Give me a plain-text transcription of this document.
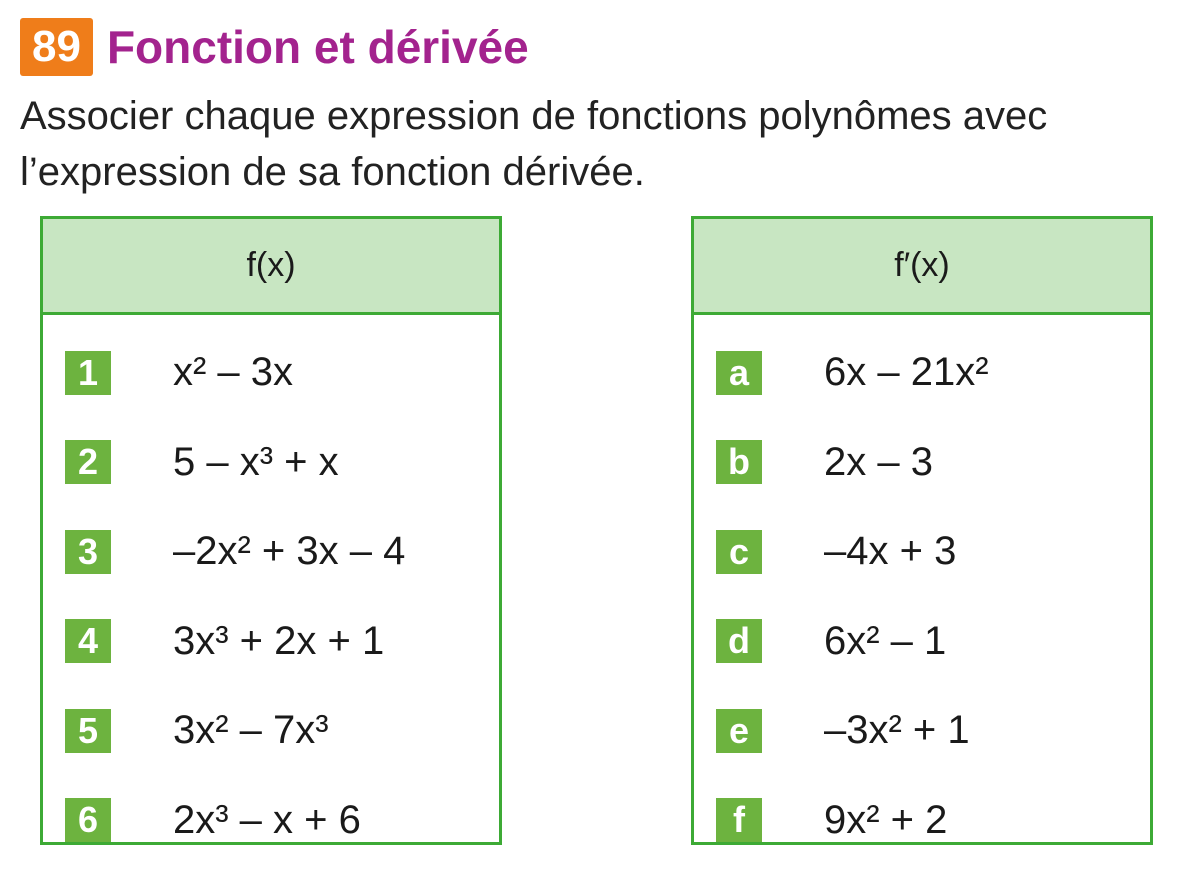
89 Fonction et dérivée
Associer chaque expression de fonctions polynômes avec l’expression de sa fonction dérivée.
f(x)
1	x² – 3x
2	5 – x³ + x
3	–2x² + 3x – 4
4	3x³ + 2x + 1
5	3x² – 7x³
6	2x³ – x + 6
f′(x)
a	6x – 21x²
b	2x – 3
c	–4x + 3
d	6x² – 1
e	–3x² + 1
f	9x² + 2
